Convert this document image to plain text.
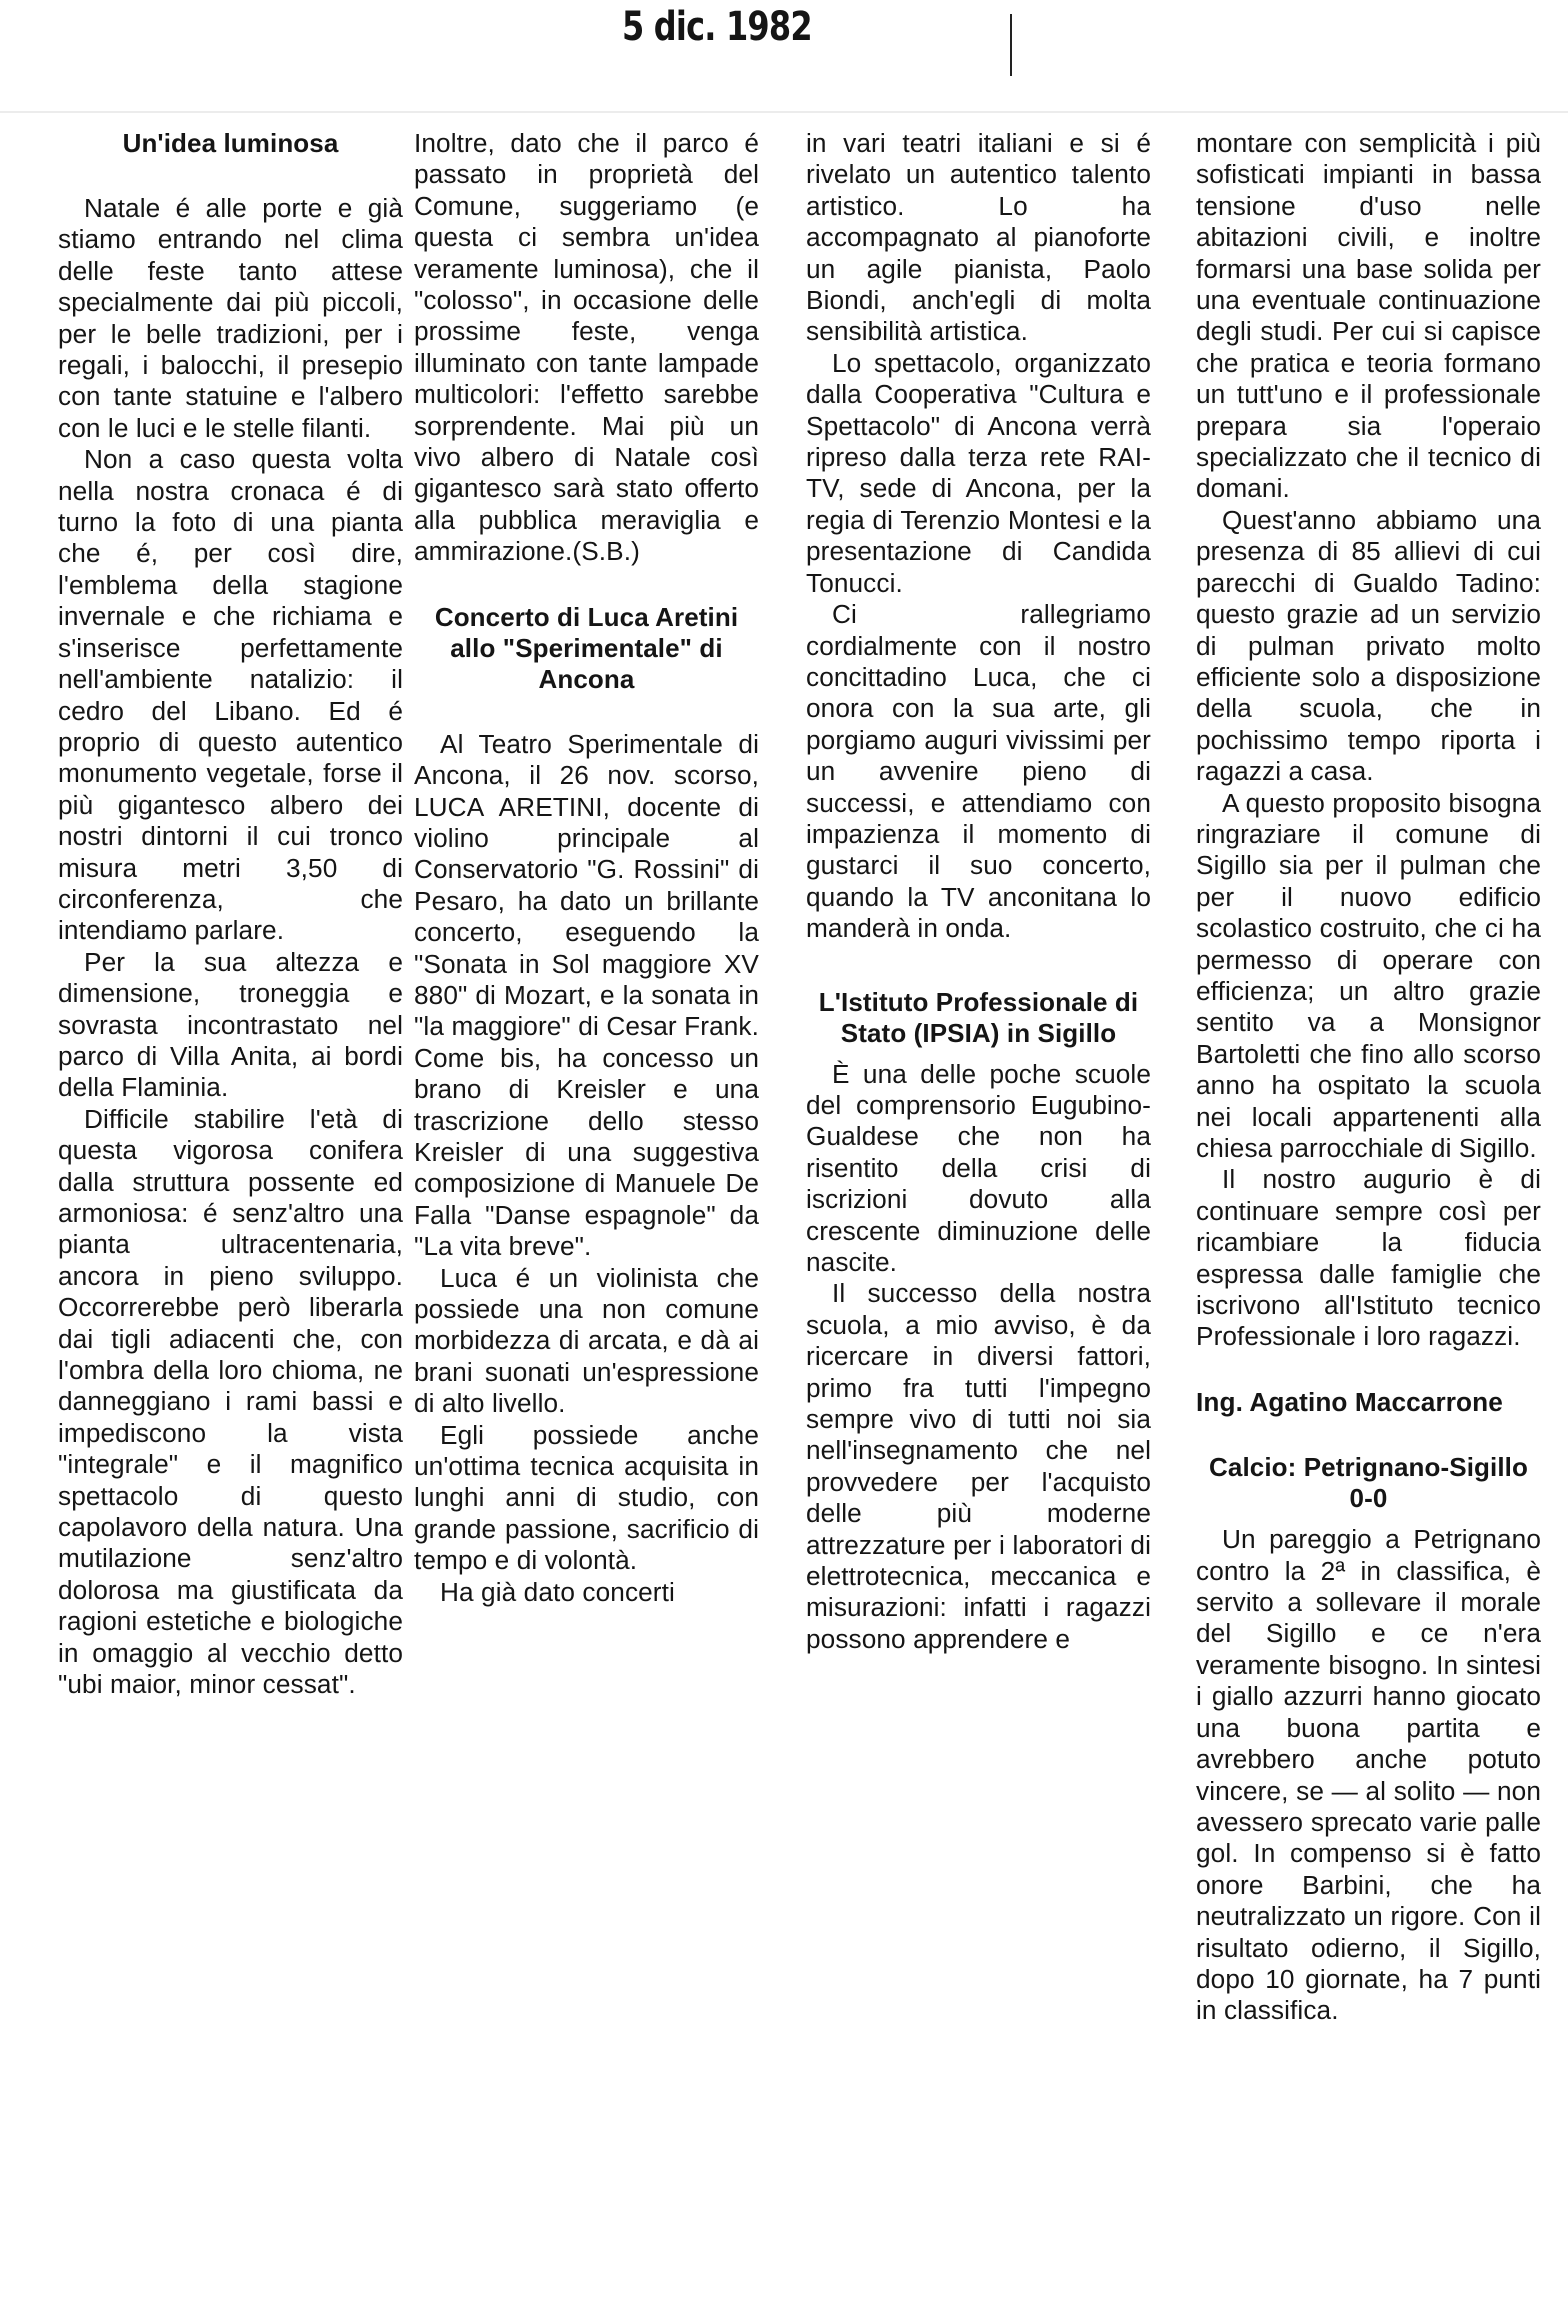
5 dic. 1982
Un'idea luminosa

Natale é alle porte e già stiamo entrando nel clima delle feste tanto attese specialmente dai più piccoli, per le belle tradizioni, per i regali, i balocchi, il presepio con tante statuine e l'albero con le luci e le stelle filanti.

Non a caso questa volta nella nostra cronaca é di turno la foto di una pianta che é, per così dire, l'emblema della stagione invernale e che richiama e s'inserisce perfettamente nell'ambiente natalizio: il cedro del Libano. Ed é proprio di questo autentico monumento vegetale, forse il più gigantesco albero dei nostri dintorni il cui tronco misura metri 3,50 di circonferenza, che intendiamo parlare.

Per la sua altezza e dimensione, troneggia e sovrasta incontrastato nel parco di Villa Anita, ai bordi della Flaminia.

Difficile stabilire l'età di questa vigorosa conifera dalla struttura possente ed armoniosa: é senz'altro una pianta ultracentenaria, ancora in pieno sviluppo. Occorrerebbe però liberarla dai tigli adiacenti che, con l'ombra della loro chioma, ne danneggiano i rami bassi e impediscono la vista "integrale" e il magnifico spettacolo di questo capolavoro della natura. Una mutilazione senz'altro dolorosa ma giustificata da ragioni estetiche e biologiche in omaggio al vecchio detto "ubi maior, minor cessat".

Inoltre, dato che il parco é passato in proprietà del Comune, suggeriamo (e questa ci sembra un'idea veramente luminosa), che il "colosso", in occasione delle prossime feste, venga illuminato con tante lampade multicolori: l'effetto sarebbe sorprendente. Mai più un vivo albero di Natale così gigantesco sarà stato offerto alla pubblica meraviglia e ammirazione.(S.B.)

Concerto di Luca Aretini allo "Sperimentale" di Ancona

Al Teatro Sperimentale di Ancona, il 26 nov. scorso, LUCA ARETINI, docente di violino principale al Conservatorio "G. Rossini" di Pesaro, ha dato un brillante concerto, eseguendo la "Sonata in Sol maggiore XV 880" di Mozart, e la sonata in "la maggiore" di Cesar Frank. Come bis, ha concesso un brano di Kreisler e una trascrizione dello stesso Kreisler di una suggestiva composizione di Manuele De Falla "Danse espagnole" da "La vita breve".

Luca é un violinista che possiede una non comune morbidezza di arcata, e dà ai brani suonati un'espressione di alto livello.

Egli possiede anche un'ottima tecnica acquisita in lunghi anni di studio, con grande passione, sacrificio di tempo e di volontà.

Ha già dato concerti

in vari teatri italiani e si é rivelato un autentico talento artistico. Lo ha accompagnato al pianoforte un agile pianista, Paolo Biondi, anch'egli di molta sensibilità artistica.

Lo spettacolo, organizzato dalla Cooperativa "Cultura e Spettacolo" di Ancona verrà ripreso dalla terza rete RAI-TV, sede di Ancona, per la regia di Terenzio Montesi e la presentazione di Candida Tonucci.

Ci rallegriamo cordialmente con il nostro concittadino Luca, che ci onora con la sua arte, gli porgiamo auguri vivissimi per un avvenire pieno di successi, e attendiamo con impazienza il momento di gustarci il suo concerto, quando la TV anconitana lo manderà in onda.

L'Istituto Professionale di Stato (IPSIA) in Sigillo

È una delle poche scuole del comprensorio Eugubino-Gualdese che non ha risentito della crisi di iscrizioni dovuto alla crescente diminuzione delle nascite.

Il successo della nostra scuola, a mio avviso, è da ricercare in diversi fattori, primo fra tutti l'impegno sempre vivo di tutti noi sia nell'insegnamento che nel provvedere per l'acquisto delle più moderne attrezzature per i laboratori di elettrotecnica, meccanica e misurazioni: infatti i ragazzi possono apprendere e

montare con semplicità i più sofisticati impianti in bassa tensione d'uso nelle abitazioni civili, e inoltre formarsi una base solida per una eventuale continuazione degli studi. Per cui si capisce che pratica e teoria formano un tutt'uno e il professionale prepara sia l'operaio specializzato che il tecnico di domani.

Quest'anno abbiamo una presenza di 85 allievi di cui parecchi di Gualdo Tadino: questo grazie ad un servizio di pulman privato molto efficiente solo a disposizione della scuola, che in pochissimo tempo riporta i ragazzi a casa.

A questo proposito bisogna ringraziare il comune di Sigillo sia per il pulman che per il nuovo edificio scolastico costruito, che ci ha permesso di operare con efficienza; un altro grazie sentito va a Monsignor Bartoletti che fino allo scorso anno ha ospitato la scuola nei locali appartenenti alla chiesa parrocchiale di Sigillo.

Il nostro augurio è di continuare sempre così per ricambiare la fiducia espressa dalle famiglie che iscrivono all'Istituto tecnico Professionale i loro ragazzi.

Ing. Agatino Maccarrone

Calcio: Petrignano-Sigillo 0-0

Un pareggio a Petrignano contro la 2ª in classifica, è servito a sollevare il morale del Sigillo e ce n'era veramente bisogno. In sintesi i giallo azzurri hanno giocato una buona partita e avrebbero anche potuto vincere, se — al solito — non avessero sprecato varie palle gol. In compenso si è fatto onore Barbini, che ha neutralizzato un rigore. Con il risultato odierno, il Sigillo, dopo 10 giornate, ha 7 punti in classifica.
